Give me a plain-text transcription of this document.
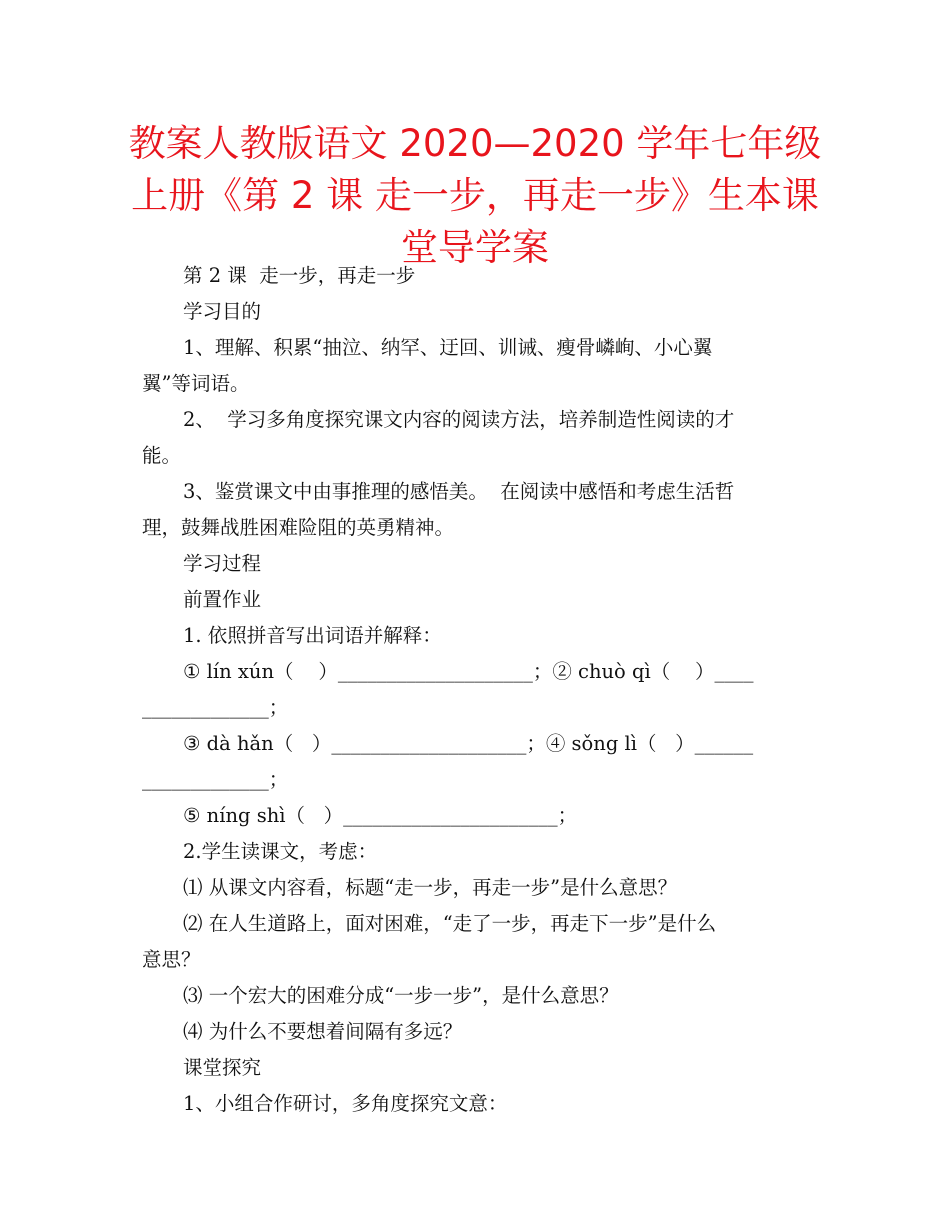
教案人教版语文 2020—2020 学年七年级
上册《第 2 课 走一步，再走一步》生本课
堂导学案
第 2 课  走一步，再走一步
学习目的
1、理解、积累“抽泣、纳罕、迂回、训诫、瘦骨嶙峋、小心翼
翼”等词语。
2、  学习多角度探究课文内容的阅读方法，培养制造性阅读的才
能。
3、鉴赏课文中由事推理的感悟美。  在阅读中感悟和考虑生活哲
理，鼓舞战胜困难险阻的英勇精神。
学习过程
前置作业
1. 依照拼音写出词语并解释：
① lín xún（    ）____________________；② chuò qì（    ）____
_____________；
③ dà hǎn（   ）____________________；④ sǒng lì（   ）______
_____________；
⑤ níng shì（   ）______________________；
2.学生读课文，考虑：
⑴ 从课文内容看，标题“走一步，再走一步”是什么意思？
⑵ 在人生道路上，面对困难，“走了一步，再走下一步”是什么
意思？
⑶ 一个宏大的困难分成“一步一步”，是什么意思？
⑷ 为什么不要想着间隔有多远？
课堂探究
1、小组合作研讨，多角度探究文意：
